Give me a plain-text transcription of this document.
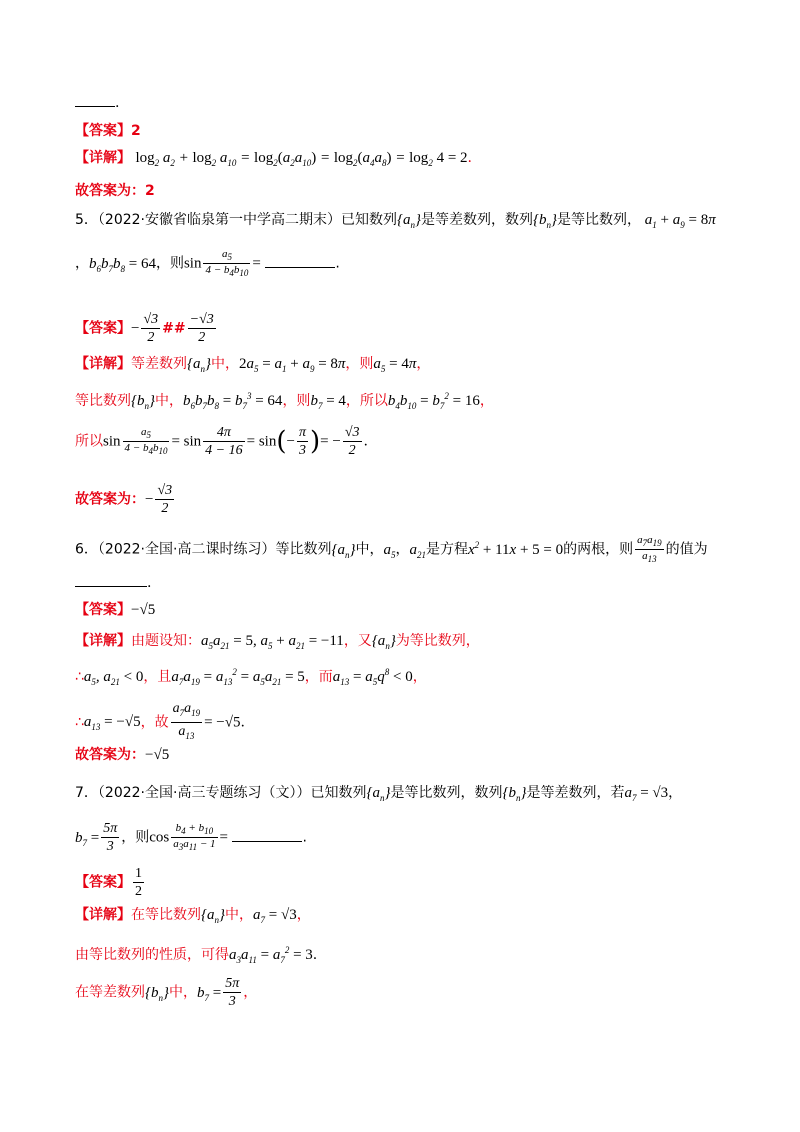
.
【答案】2
【详解】 $\log_2 a_2 + \log_2 a_{10} = \log_2(a_2a_{10}) = \log_2(a_4a_8) = \log_2 4 = 2$.
故答案为：2
5．（2022·安徽省临泉第一中学高二期末）已知数列$\{a_n\}$是等差数列，数列$\{b_n\}$是等比数列， $a_1 + a_9 = 8\pi$
，$b_6b_7b_8 = 64$，则$\sin \frac{a_5}{4 - b_4b_{10}}$ =	.
【答案】− $\frac{√3}{2}$ ## $\frac{-√3}{2}$
【详解】等差数列$\{a_n\}$中，$2a_5 = a_1 + a_9 = 8\pi$，则$a_5 = 4\pi$，
等比数列$\{b_n\}$中，$b_6b_7b_8 = b_7^3 = 64$，则$b_7 = 4$，所以$b_4b_{10} = b_7^2 = 16$，
所以$\sin \frac{a_5}{4 - b_4b_{10}} = \sin \frac{4\pi}{4 - 16} = \sin(- \frac{\pi}{3}$ )= − $\frac{√3}{2}$ .
故答案为：− $\frac{√3}{2}$
6．（2022·全国·高二课时练习）等比数列$\{a_n\}$中，$a_5$，$a_{21}$是方程$x^2 + 11x + 5 = 0$的两根，则 $\frac{a_7a_{19}}{a_{13}}$ 的值为
.
【答案】−√5
【详解】由题设知：$a_5a_{21} = 5$, $a_5 + a_{21} = -11$，又$\{a_n\}$为等比数列，
$\therefore a_5$, $a_{21} < 0$，且$a_7a_{19} = a_{13}^2 = a_5a_{21} = 5$，而$a_{13} = a_5q^8 < 0$，
$\therefore a_{13} = -√5$，故 $\frac{a_7a_{19}}{a_{13}} = -√5$.
故答案为：−√5
7．（2022·全国·高三专题练习（文））已知数列$\{a_n\}$是等比数列，数列$\{b_n\}$是等差数列，若$a_7 = √3$，
$b_7 = \frac{5\pi}{3}$ ，则$\cos \frac{b_4 + b_{10}}{a_3a_{11} - 1}$ =	.
【答案】 $\frac{1}{2}$
【详解】在等比数列$\{a_n\}$中，$a_7 = √3$，
由等比数列的性质，可得$a_3a_{11} = a_7^2 = 3$.
在等差数列$\{b_n\}$中，$b_7 = \frac{5\pi}{3}$ ，
